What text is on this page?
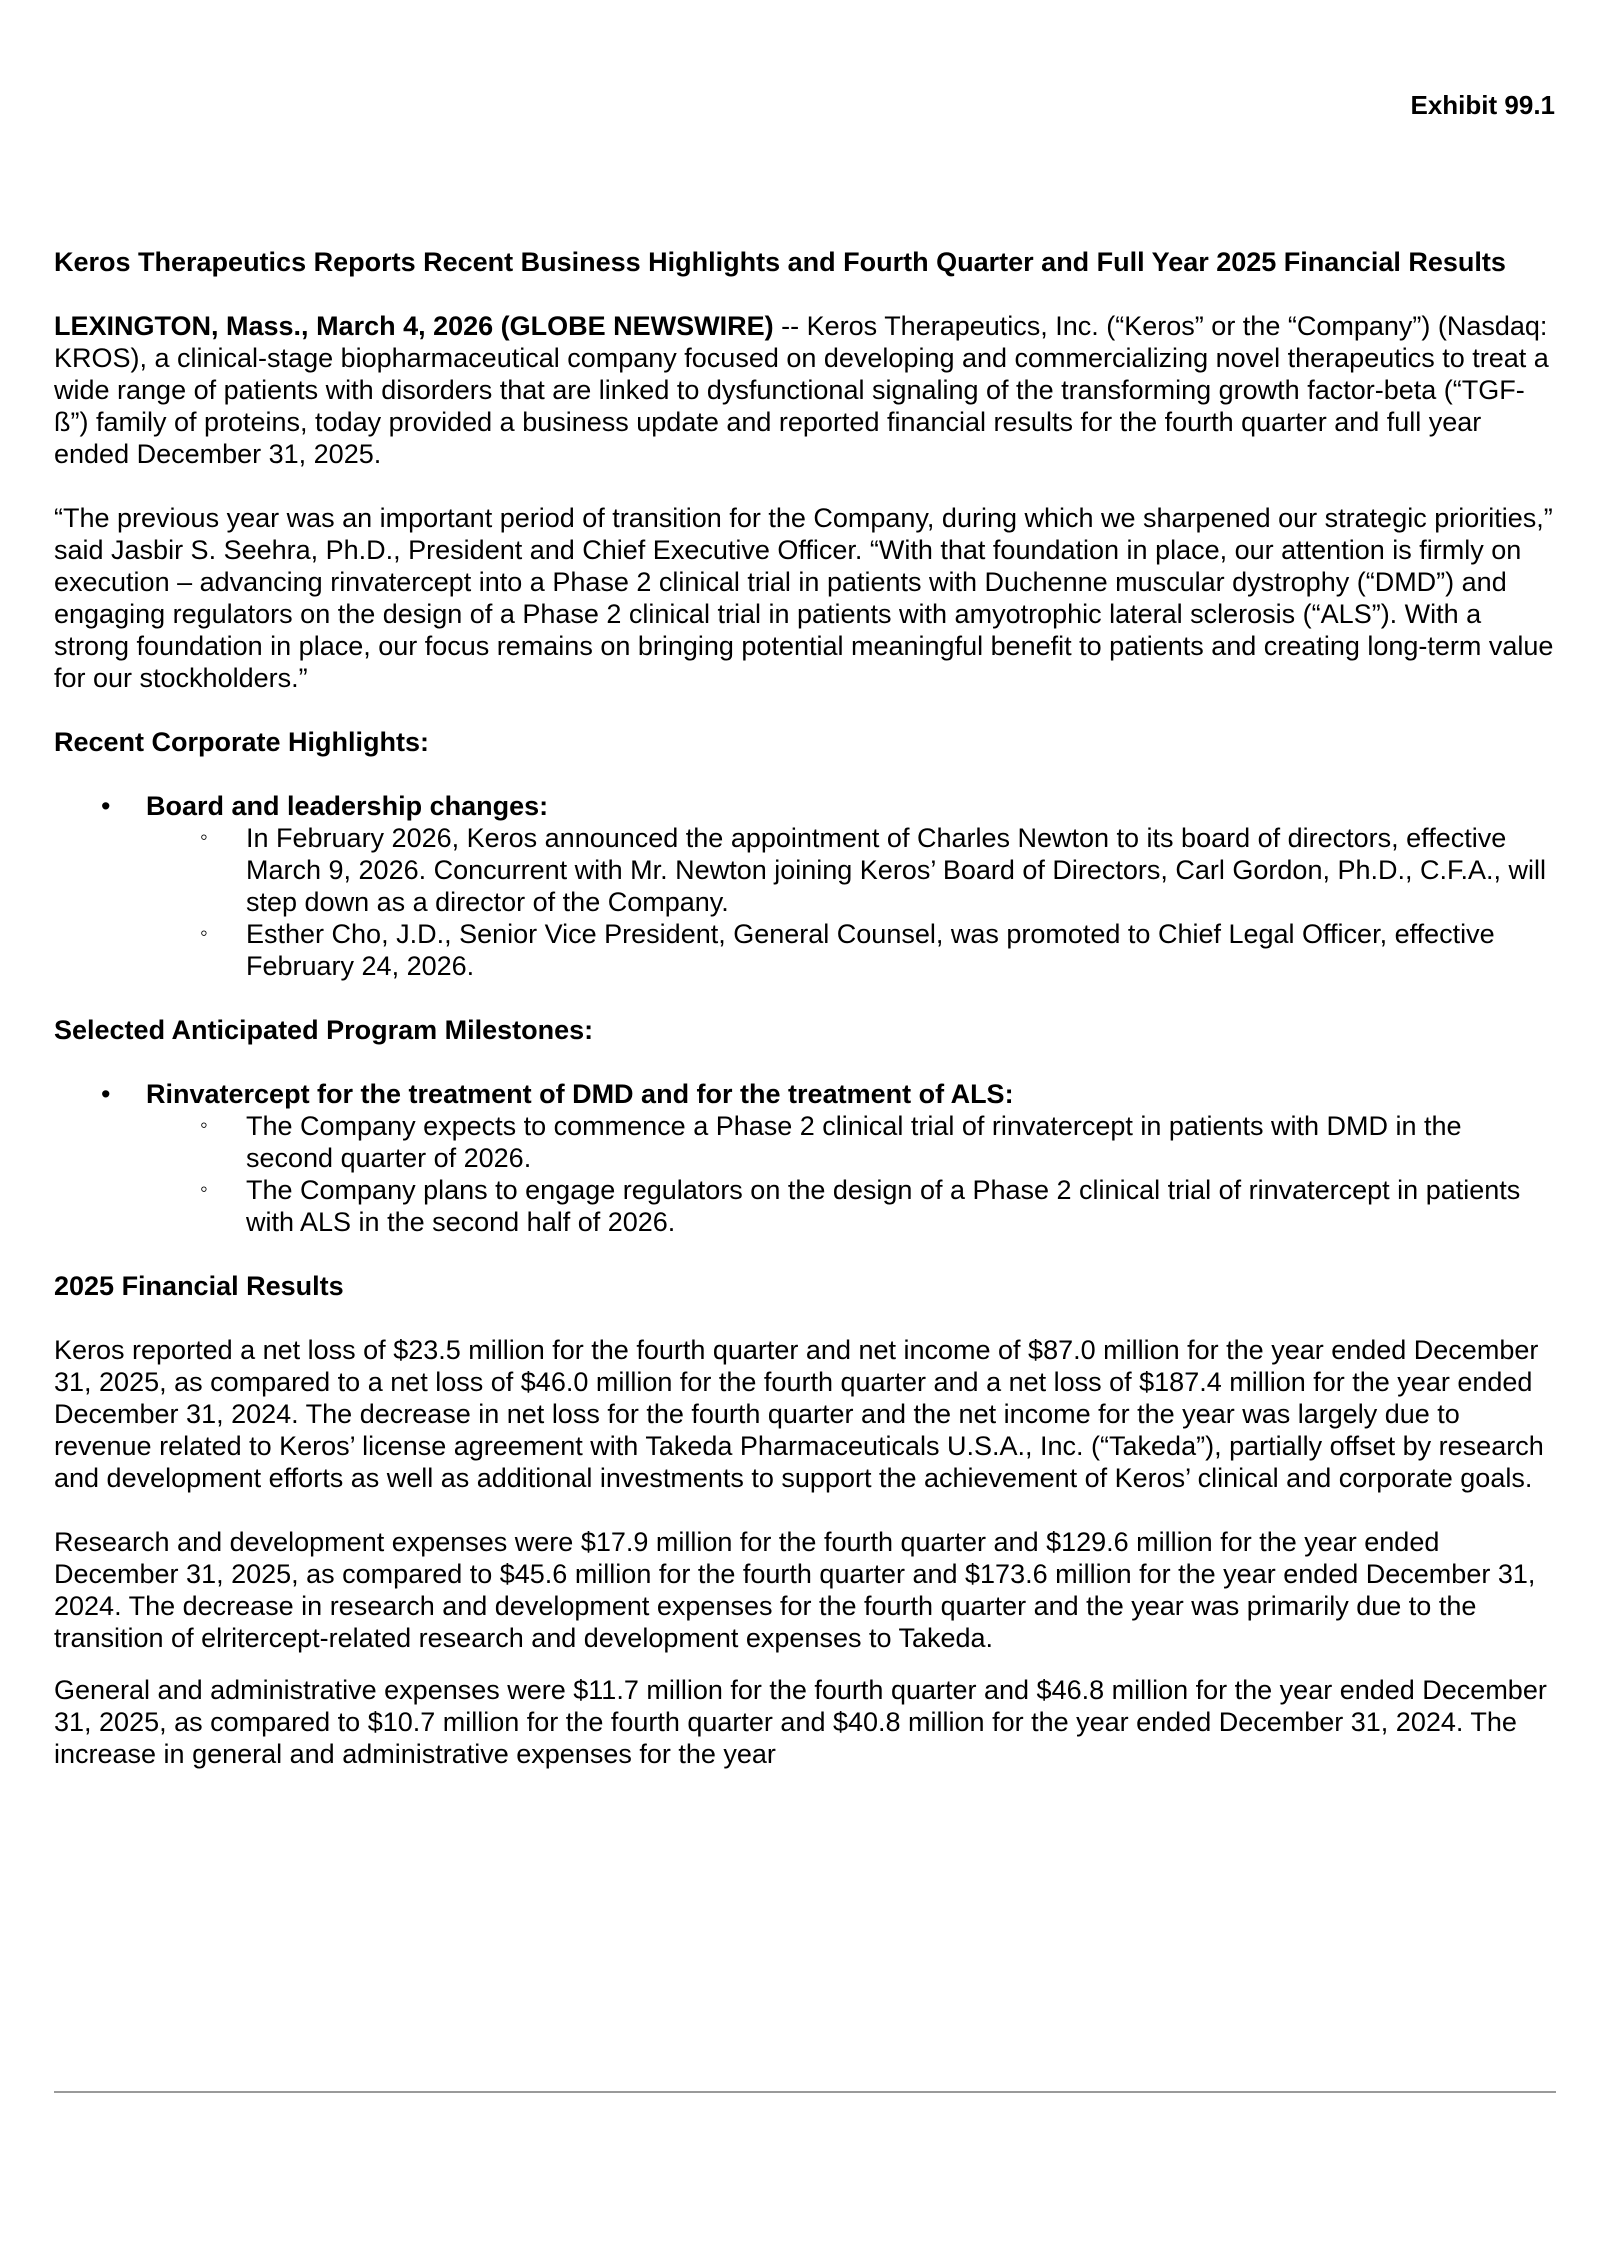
Exhibit 99.1

Keros Therapeutics Reports Recent Business Highlights and Fourth Quarter and Full Year 2025 Financial Results

LEXINGTON, Mass., March 4, 2026 (GLOBE NEWSWIRE) -- Keros Therapeutics, Inc. (“Keros” or the “Company”) (Nasdaq: KROS), a clinical-stage biopharmaceutical company focused on developing and commercializing novel therapeutics to treat a wide range of patients with disorders that are linked to dysfunctional signaling of the transforming growth factor-beta (“TGF-ß”) family of proteins, today provided a business update and reported financial results for the fourth quarter and full year ended December 31, 2025.

“The previous year was an important period of transition for the Company, during which we sharpened our strategic priorities,” said Jasbir S. Seehra, Ph.D., President and Chief Executive Officer. “With that foundation in place, our attention is firmly on execution – advancing rinvatercept into a Phase 2 clinical trial in patients with Duchenne muscular dystrophy (“DMD”) and engaging regulators on the design of a Phase 2 clinical trial in patients with amyotrophic lateral sclerosis (“ALS”). With a strong foundation in place, our focus remains on bringing potential meaningful benefit to patients and creating long-term value for our stockholders.”

Recent Corporate Highlights:

• Board and leadership changes:
◦ In February 2026, Keros announced the appointment of Charles Newton to its board of directors, effective March 9, 2026. Concurrent with Mr. Newton joining Keros’ Board of Directors, Carl Gordon, Ph.D., C.F.A., will step down as a director of the Company.
◦ Esther Cho, J.D., Senior Vice President, General Counsel, was promoted to Chief Legal Officer, effective February 24, 2026.

Selected Anticipated Program Milestones:

• Rinvatercept for the treatment of DMD and for the treatment of ALS:
◦ The Company expects to commence a Phase 2 clinical trial of rinvatercept in patients with DMD in the second quarter of 2026.
◦ The Company plans to engage regulators on the design of a Phase 2 clinical trial of rinvatercept in patients with ALS in the second half of 2026.

2025 Financial Results

Keros reported a net loss of $23.5 million for the fourth quarter and net income of $87.0 million for the year ended December 31, 2025, as compared to a net loss of $46.0 million for the fourth quarter and a net loss of $187.4 million for the year ended December 31, 2024. The decrease in net loss for the fourth quarter and the net income for the year was largely due to revenue related to Keros’ license agreement with Takeda Pharmaceuticals U.S.A., Inc. (“Takeda”), partially offset by research and development efforts as well as additional investments to support the achievement of Keros’ clinical and corporate goals.

Research and development expenses were $17.9 million for the fourth quarter and $129.6 million for the year ended December 31, 2025, as compared to $45.6 million for the fourth quarter and $173.6 million for the year ended December 31, 2024. The decrease in research and development expenses for the fourth quarter and the year was primarily due to the transition of elritercept-related research and development expenses to Takeda.

General and administrative expenses were $11.7 million for the fourth quarter and $46.8 million for the year ended December 31, 2025, as compared to $10.7 million for the fourth quarter and $40.8 million for the year ended December 31, 2024. The increase in general and administrative expenses for the year
